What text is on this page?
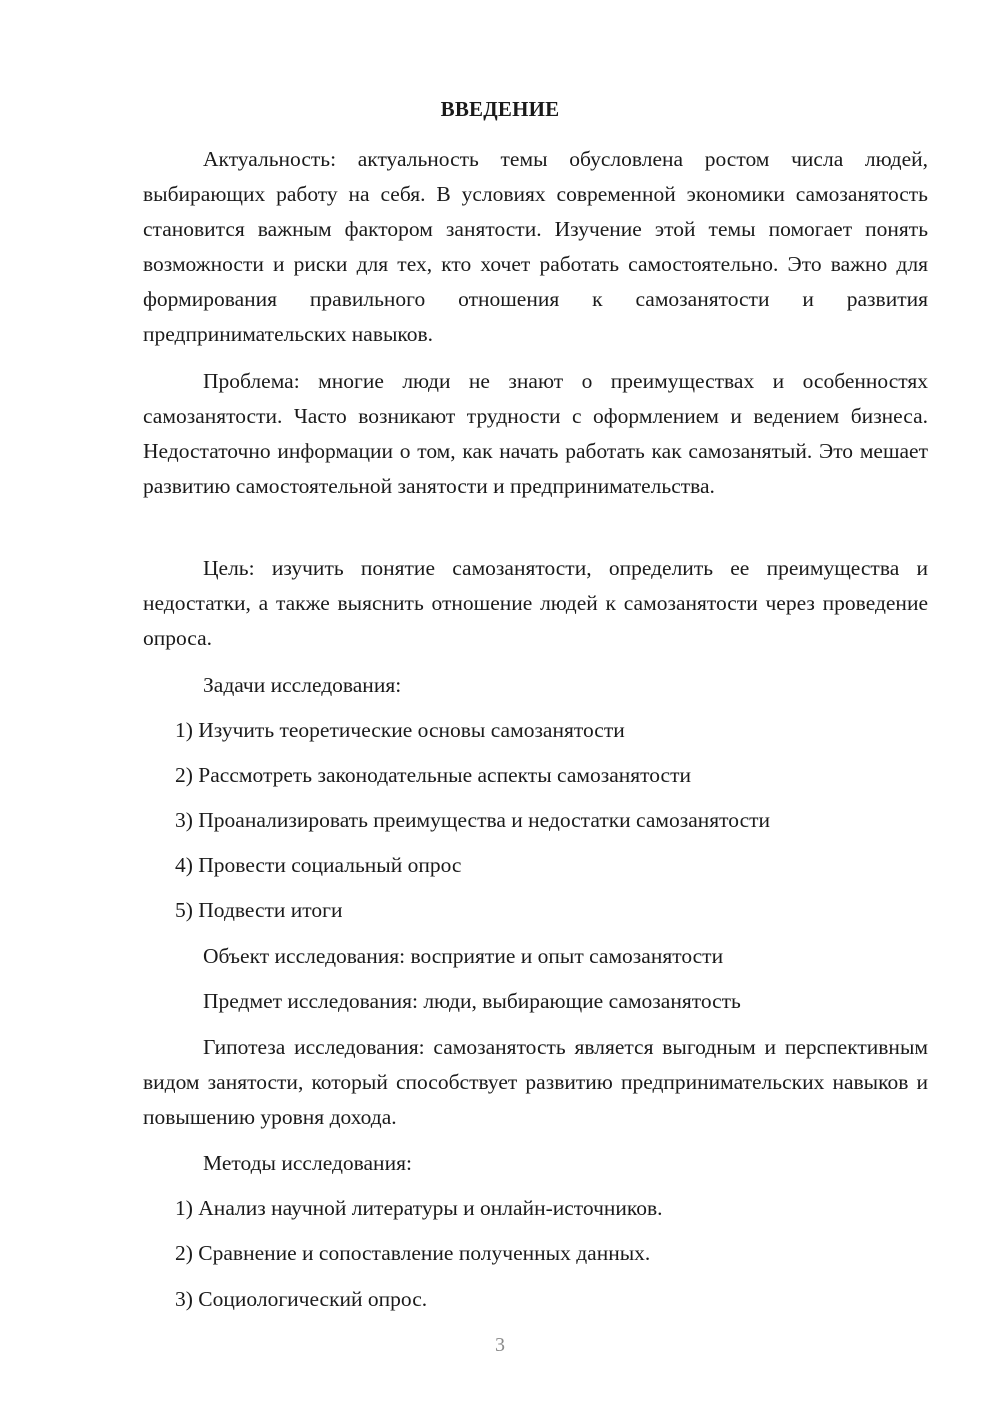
ВВЕДЕНИЕ

Актуальность: актуальность темы обусловлена ростом числа людей, выбирающих работу на себя. В условиях современной экономики самозанятость становится важным фактором занятости. Изучение этой темы помогает понять возможности и риски для тех, кто хочет работать самостоятельно. Это важно для формирования правильного отношения к самозанятости и развития предпринимательских навыков.

Проблема: многие люди не знают о преимуществах и особенностях самозанятости. Часто возникают трудности с оформлением и ведением бизнеса. Недостаточно информации о том, как начать работать как самозанятый. Это мешает развитию самостоятельной занятости и предпринимательства.

Цель: изучить понятие самозанятости, определить ее преимущества и недостатки, а также выяснить отношение людей к самозанятости через проведение опроса.

Задачи исследования:

1) Изучить теоретические основы самозанятости

2) Рассмотреть законодательные аспекты самозанятости

3) Проанализировать преимущества и недостатки самозанятости

4) Провести социальный опрос

5) Подвести итоги

Объект исследования: восприятие и опыт самозанятости

Предмет исследования: люди, выбирающие самозанятость

Гипотеза исследования: самозанятость является выгодным и перспективным видом занятости, который способствует развитию предпринимательских навыков и повышению уровня дохода.

Методы исследования:

1) Анализ научной литературы и онлайн-источников.

2) Сравнение и сопоставление полученных данных.

3) Социологический опрос.

3
